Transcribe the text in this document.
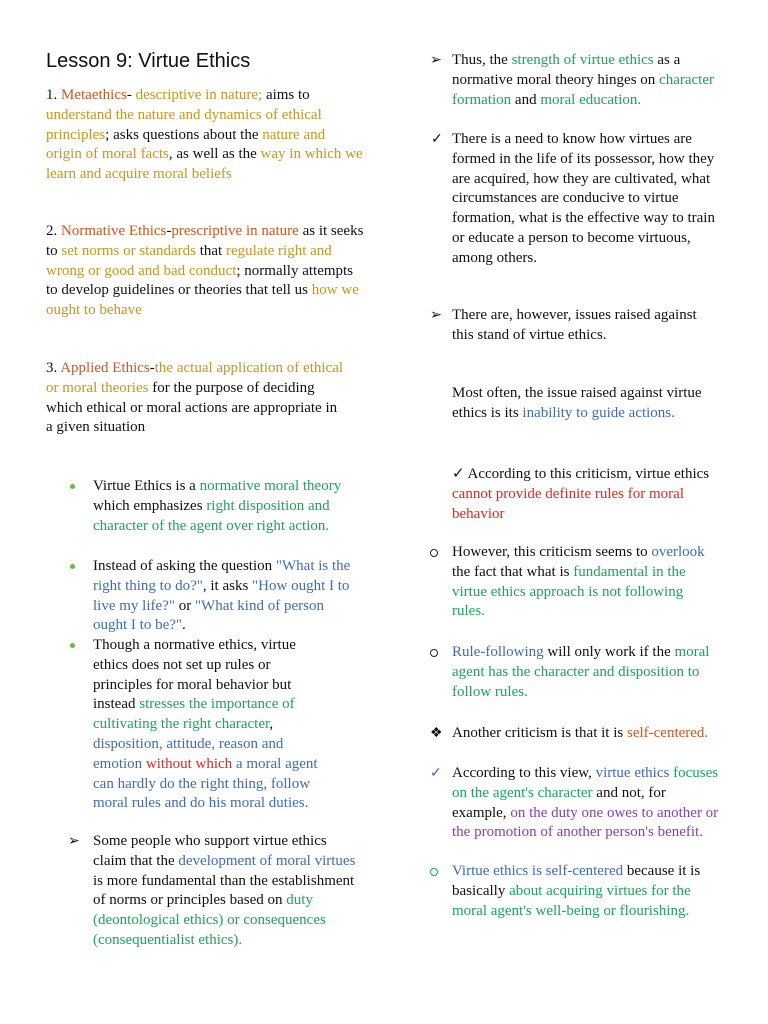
Lesson 9: Virtue Ethics
1. Metaethics- descriptive in nature; aims to understand the nature and dynamics of ethical principles; asks questions about the nature and origin of moral facts, as well as the way in which we learn and acquire moral beliefs
2. Normative Ethics-prescriptive in nature as it seeks to set norms or standards that regulate right and wrong or good and bad conduct; normally attempts to develop guidelines or theories that tell us how we ought to behave
3. Applied Ethics-the actual application of ethical or moral theories for the purpose of deciding which ethical or moral actions are appropriate in a given situation
Virtue Ethics is a normative moral theory which emphasizes right disposition and character of the agent over right action.
Instead of asking the question "What is the right thing to do?", it asks "How ought I to live my life?" or "What kind of person ought I to be?".
Though a normative ethics, virtue ethics does not set up rules or principles for moral behavior but instead stresses the importance of cultivating the right character, disposition, attitude, reason and emotion without which a moral agent can hardly do the right thing, follow moral rules and do his moral duties.
➢ Some people who support virtue ethics claim that the development of moral virtues is more fundamental than the establishment of norms or principles based on duty (deontological ethics) or consequences (consequentialist ethics).
➢ Thus, the strength of virtue ethics as a normative moral theory hinges on character formation and moral education.
✓ There is a need to know how virtues are formed in the life of its possessor, how they are acquired, how they are cultivated, what circumstances are conducive to virtue formation, what is the effective way to train or educate a person to become virtuous, among others.
➢ There are, however, issues raised against this stand of virtue ethics.
Most often, the issue raised against virtue ethics is its inability to guide actions.
✓ According to this criticism, virtue ethics cannot provide definite rules for moral behavior
However, this criticism seems to overlook the fact that what is fundamental in the virtue ethics approach is not following rules.
Rule-following will only work if the moral agent has the character and disposition to follow rules.
❖ Another criticism is that it is self-centered.
✓ According to this view, virtue ethics focuses on the agent's character and not, for example, on the duty one owes to another or the promotion of another person's benefit.
Virtue ethics is self-centered because it is basically about acquiring virtues for the moral agent's well-being or flourishing.
